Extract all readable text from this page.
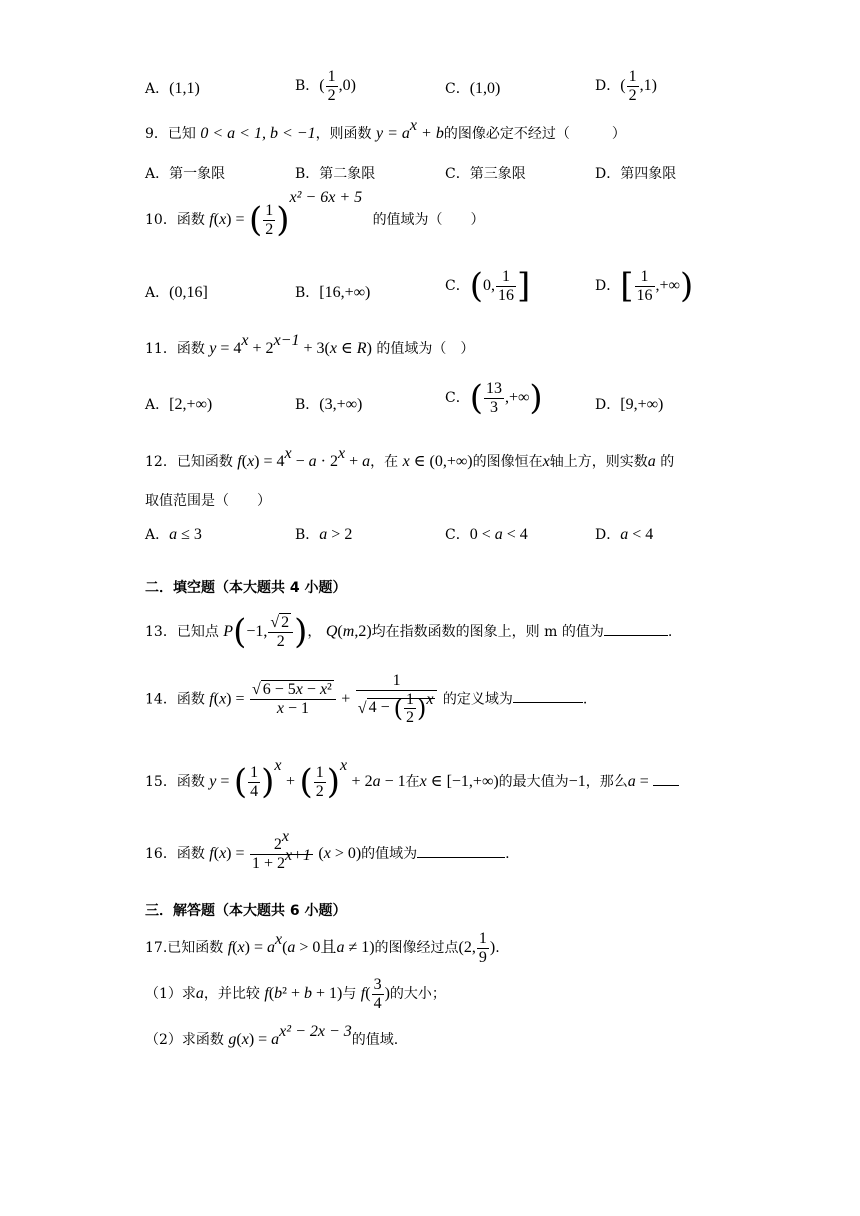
A．(1,1)	B．( $\frac{1}{2} ,0$)	C．(1,0)	D．( $\frac{1}{2} ,1$)
9．已知 0 < a < 1, b < −1，则函数 $y = a^x + b$的图像必定不经过（　　　）
A．第一象限	B．第二象限	C．第三象限	D．第四象限
10．函数 f(x) = ( $\frac{1}{2} )^{x^2 - 6x + 5}$ 的值域为（　　）
A．(0,16]	B．[16,+∞)	C．(0, $\frac{1}{16}$ ]	D．[ $\frac{1}{16}$ ,+∞)
11．函数 $y = 4^x + 2^{x-1} + 3(x$ ∈ R) 的值域为（　）
A．[2,+∞)	B．(3,+∞)	C．( $\frac{13}{3}$ ,+∞)	D．[9,+∞)
12．已知函数 $f(x) = 4^x - a \cdot 2^x + a$，在 x ∈ (0,+∞)的图像恒在x轴上方，则实数a 的
取值范围是（　　）
A．a ≤ 3	B．a > 2	C．0 < a < 4	D．a < 4
二．填空题（本大题共 4 小题）
13．已知点 P(−1, $\frac{√ 2}{2}$ )， Q(m,2)均在指数函数的图象上，则 m 的值为	.
14．函数 $f(x) = \frac{\text{√ 6 − 5x − x²}}{x - 1} + \frac{1}{√ 4 - ( \frac{1}{2} )^x}$ 的定义域为	.
15．函数 y = ( $\frac{1}{4} )^x$ + ( $\frac{1}{2} )^x + 2a - 1$在x ∈ [−1,+∞)的最大值为−1，那么a =
16．函数 $f(x) = \frac{2^x}{1 + 2^{x+1}} (x > 0)$的值域为	.
三．解答题（本大题共 6 小题）
17.已知函数 $f(x) = a^x(a > 0$且a ≠ 1)的图像经过点(2, $\frac{1}{9}$ ).
（1）求a，并比较 f(b² + b + 1)与 $f( \frac{3}{4}$ )的大小；
（2）求函数 $g(x) = a^{x^2 - 2x - 3}$的值域.
